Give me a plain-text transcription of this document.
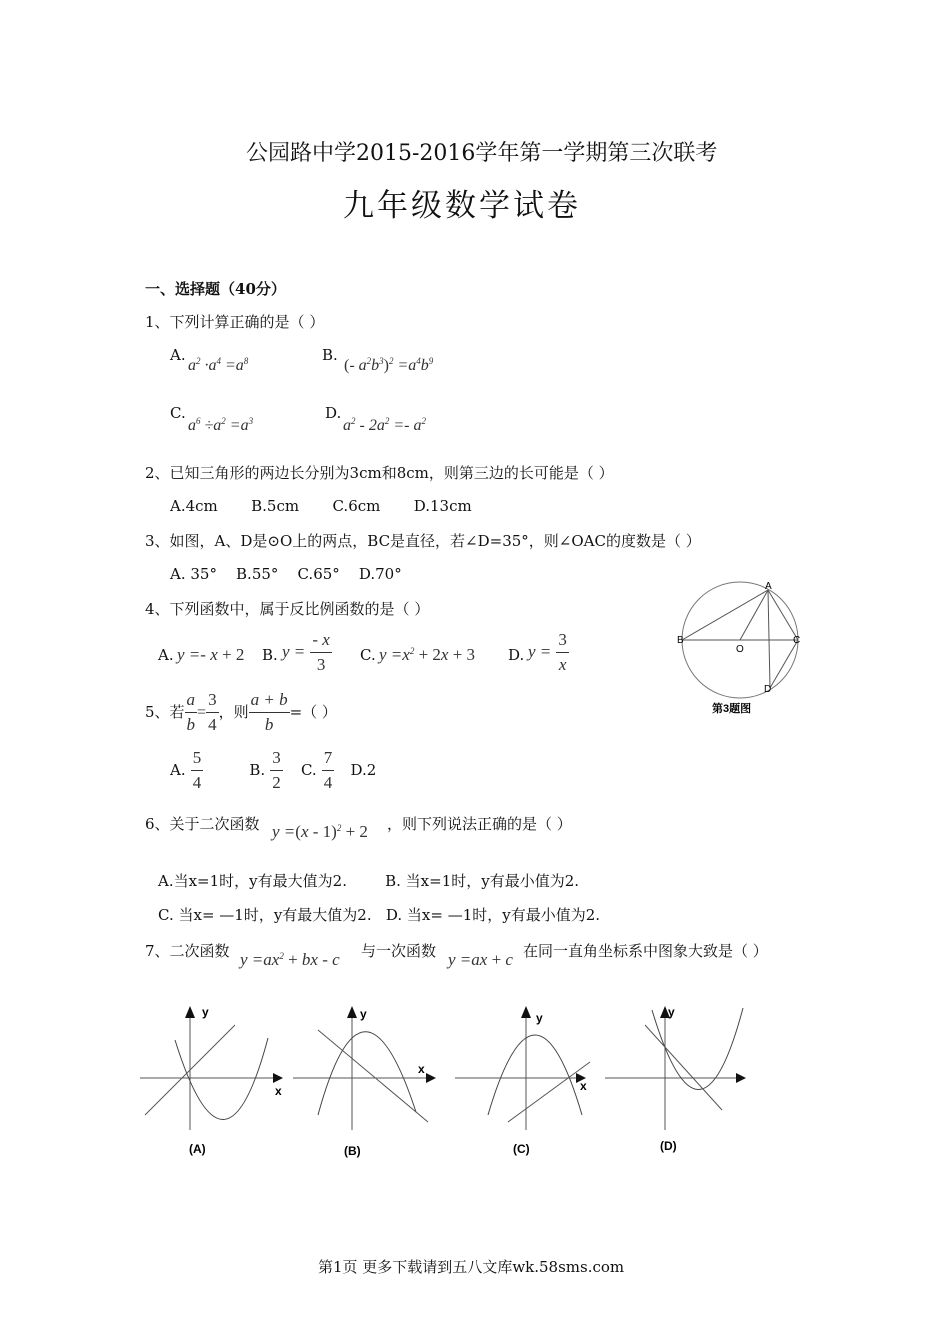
公园路中学2015-2016学年第一学期第三次联考
九年级数学试卷
一、选择题（40分）
1、下列计算正确的是（ ）
A.
$a^2 \cdot a^4 =a^8$	B.
(- $a^2b^3)^2 =a^4b^9$
C.
$a^6 \div a^2 =a^3$	D.
$a^2 - 2a^2 =- a^2$
2、已知三角形的两边长分别为3cm和8cm，则第三边的长可能是（ ）
A.4cm       B.5cm       C.6cm       D.13cm
3、如图，A、D是⊙O上的两点，BC是直径，若∠D=35°，则∠OAC的度数是（ ）
A. 35°    B.55°    C.65°    D.70°
A
B	C
O
D
第3题图
4、下列函数中，属于反比例函数的是（ ）
A. y =- x + 2 B. $y = \frac{- x}{3} C$. $y =x^2 + 2x + 3$ D. $y = \frac{3}{x}$
5、若 $\frac{a}{b} = \frac{3}{4}$ ，则 $\frac{a + b}{b}$ =（ ）
A. $\frac{5}{4}$	B. $\frac{3}{2} C$. $\frac{7}{4} D.2$
6、关于二次函数 y =(x - 1)$^2$ + 2 ，则下列说法正确的是（ ）
A.当x=1时，y有最大值为2.        B. 当x=1时，y有最小值为2.
C. 当x= —1时，y有最大值为2.   D. 当x= —1时，y有最小值为2.
7、二次函数 $y =ax^2$ + bx - c 与一次函数 y =ax + c 在同一直角坐标系中图象大致是（ ）
x
y
(A)
x
y
(B)
x
y
(C)
y
(D)
第1页 更多下载请到五八文库wk.58sms.com
